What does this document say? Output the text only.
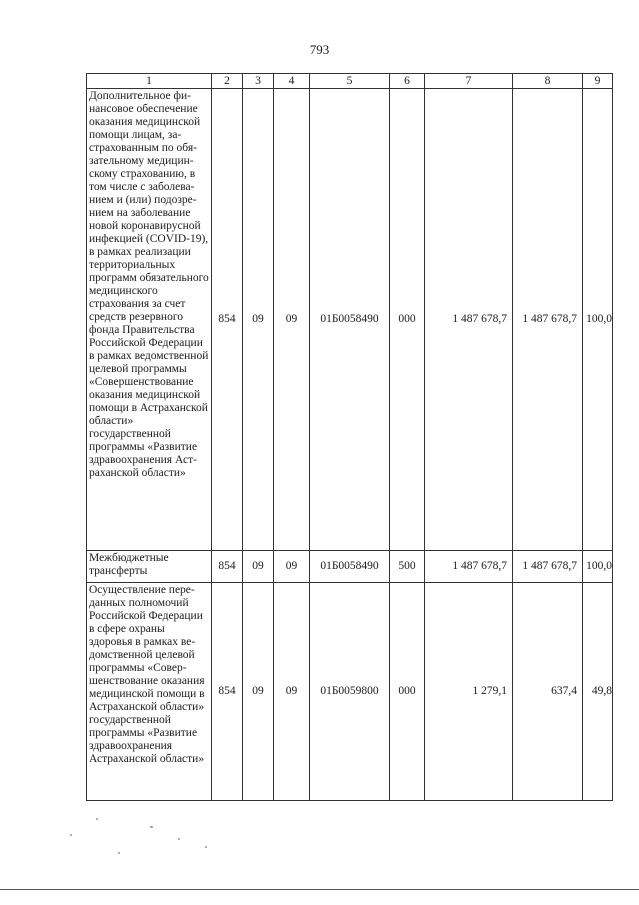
793
1	2	3	4	5	6	7	8	9
Дополнительное финансовое обеспечение оказания медицинской помощи лицам, застрахованным по обязательному медицинскому страхованию, в том числе с заболеванием и (или) подозрением на заболевание новой коронавирусной инфекцией (COVID-19), в рамках реализации территориальных программ обязательного медицинского страхования за счет средств резервного фонда Правительства Российской Федерации в рамках ведомственной целевой программы «Совершенствование оказания медицинской помощи в Астраханской области» государственной программы «Развитие здравоохранения Астраханской области»	854	09	09	01Б0058490	000	1 487 678,7	1 487 678,7	100,0
Межбюджетные трансферты	854	09	09	01Б0058490	500	1 487 678,7	1 487 678,7	100,0
Осуществление переданных полномочий Российской Федерации в сфере охраны здоровья в рамках ведомственной целевой программы «Совершенствование оказания медицинской помощи в Астраханской области» государственной программы «Развитие здравоохранения Астраханской области»	854	09	09	01Б0059800	000	1 279,1	637,4	49,8
